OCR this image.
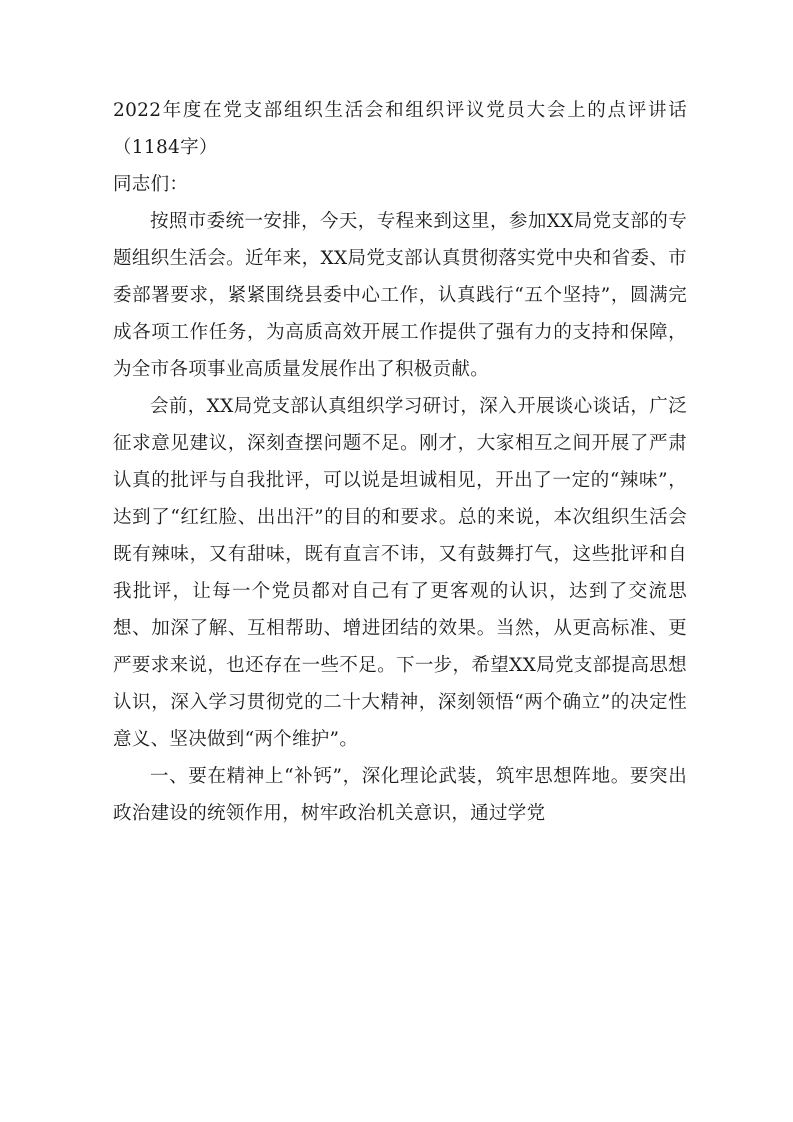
2022年度在党支部组织生活会和组织评议党员大会上的点评讲话（1184字）

同志们：

按照市委统一安排，今天，专程来到这里，参加XX局党支部的专题组织生活会。近年来，XX局党支部认真贯彻落实党中央和省委、市委部署要求，紧紧围绕县委中心工作，认真践行“五个坚持”，圆满完成各项工作任务，为高质高效开展工作提供了强有力的支持和保障，为全市各项事业高质量发展作出了积极贡献。

会前，XX局党支部认真组织学习研讨，深入开展谈心谈话，广泛征求意见建议，深刻查摆问题不足。刚才，大家相互之间开展了严肃认真的批评与自我批评，可以说是坦诚相见，开出了一定的“辣味”，达到了“红红脸、出出汗”的目的和要求。总的来说，本次组织生活会既有辣味，又有甜味，既有直言不讳，又有鼓舞打气，这些批评和自我批评，让每一个党员都对自己有了更客观的认识，达到了交流思想、加深了解、互相帮助、增进团结的效果。当然，从更高标准、更严要求来说，也还存在一些不足。下一步，希望XX局党支部提高思想认识，深入学习贯彻党的二十大精神，深刻领悟“两个确立”的决定性意义、坚决做到“两个维护”。

一、要在精神上“补钙”，深化理论武装，筑牢思想阵地。要突出政治建设的统领作用，树牢政治机关意识，通过学党
